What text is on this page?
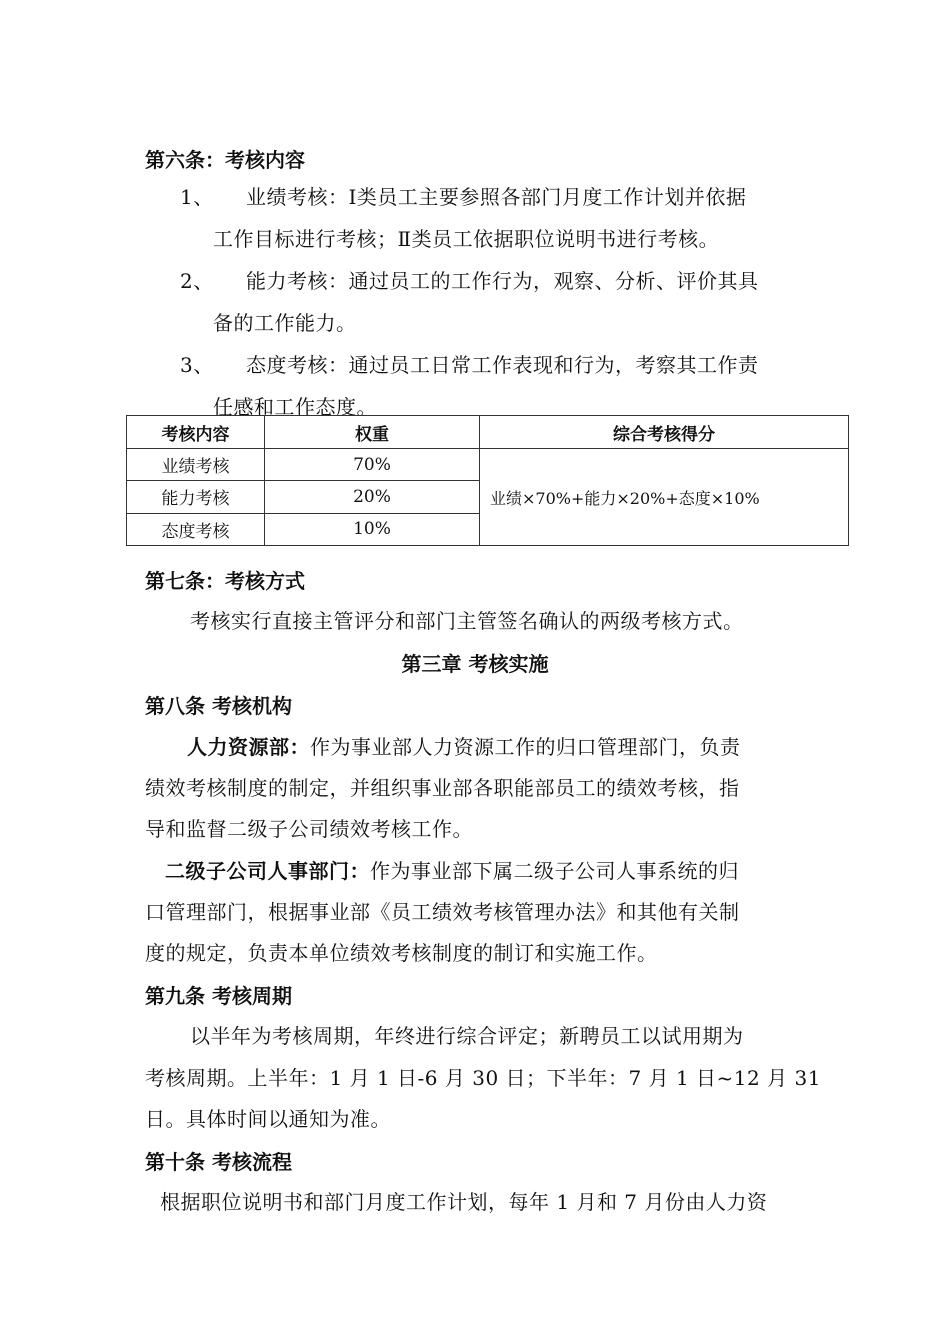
第六条：考核内容
1、 业绩考核：Ⅰ类员工主要参照各部门月度工作计划并依据
工作目标进行考核；Ⅱ类员工依据职位说明书进行考核。
2、 能力考核：通过员工的工作行为，观察、分析、评价其具
备的工作能力。
3、 态度考核：通过员工日常工作表现和行为，考察其工作责
任感和工作态度。
考核内容	权重	综合考核得分
业绩考核	70%	业绩×70%+能力×20%+态度×10%
能力考核	20%	
态度考核	10%	
第七条：考核方式
考核实行直接主管评分和部门主管签名确认的两级考核方式。
第三章 考核实施
第八条 考核机构
人力资源部：作为事业部人力资源工作的归口管理部门，负责
绩效考核制度的制定，并组织事业部各职能部员工的绩效考核，指
导和监督二级子公司绩效考核工作。
二级子公司人事部门：作为事业部下属二级子公司人事系统的归
口管理部门，根据事业部《员工绩效考核管理办法》和其他有关制
度的规定，负责本单位绩效考核制度的制订和实施工作。
第九条 考核周期
以半年为考核周期，年终进行综合评定；新聘员工以试用期为
考核周期。上半年：1 月 1 日-6 月 30 日；下半年：7 月 1 日~12 月 31
日。具体时间以通知为准。
第十条 考核流程
根据职位说明书和部门月度工作计划，每年 1 月和 7 月份由人力资
